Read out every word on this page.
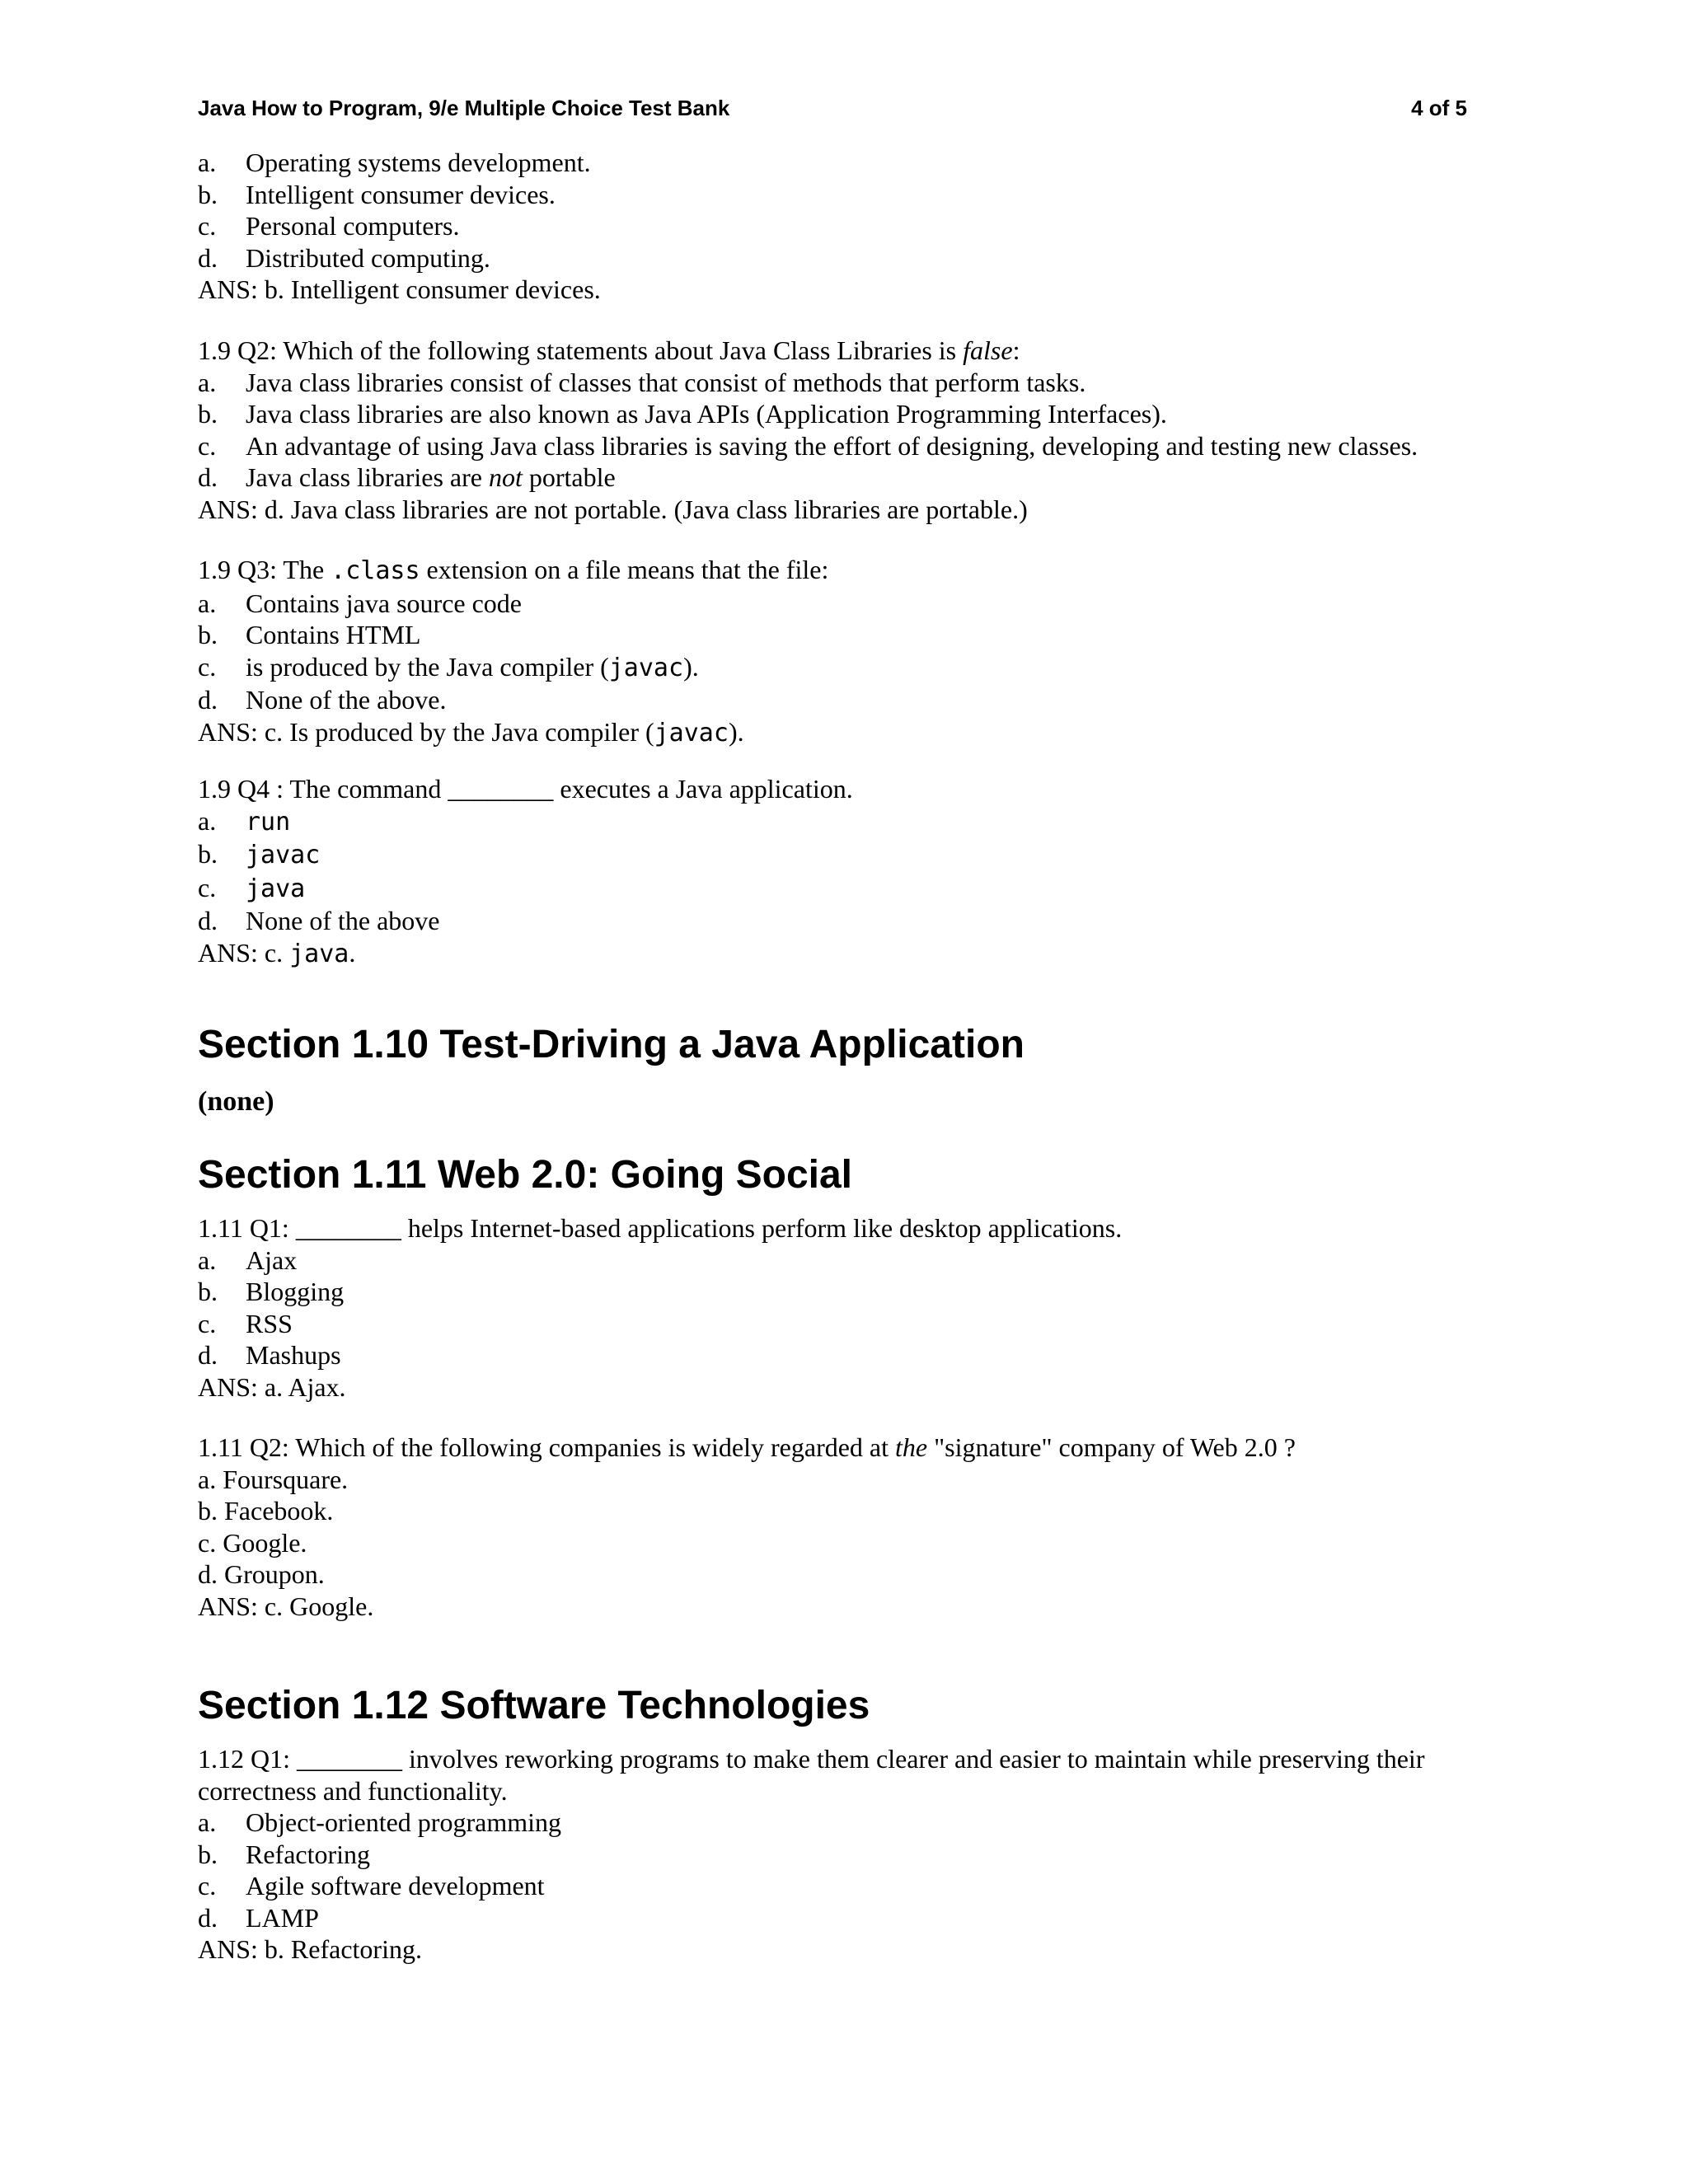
Java How to Program, 9/e Multiple Choice Test Bank	4 of 5
a. Operating systems development.
b. Intelligent consumer devices.
c. Personal computers.
d. Distributed computing.
ANS: b. Intelligent consumer devices.
1.9 Q2: Which of the following statements about Java Class Libraries is false:
a. Java class libraries consist of classes that consist of methods that perform tasks.
b. Java class libraries are also known as Java APIs (Application Programming Interfaces).
c. An advantage of using Java class libraries is saving the effort of designing, developing and testing new classes.
d. Java class libraries are not portable
ANS: d. Java class libraries are not portable. (Java class libraries are portable.)
1.9 Q3: The .class extension on a file means that the file:
a. Contains java source code
b. Contains HTML
c. is produced by the Java compiler (javac).
d. None of the above.
ANS: c. Is produced by the Java compiler (javac).
1.9 Q4 : The command ________ executes a Java application.
a. run
b. javac
c. java
d. None of the above
ANS: c. java.
Section 1.10 Test-Driving a Java Application
(none)
Section 1.11 Web 2.0: Going Social
1.11 Q1: ________ helps Internet-based applications perform like desktop applications.
a. Ajax
b. Blogging
c. RSS
d. Mashups
ANS: a. Ajax.
1.11 Q2: Which of the following companies is widely regarded at the "signature" company of Web 2.0 ?
a. Foursquare.
b. Facebook.
c. Google.
d. Groupon.
ANS: c. Google.
Section 1.12 Software Technologies
1.12 Q1: ________ involves reworking programs to make them clearer and easier to maintain while preserving their
correctness and functionality.
a. Object-oriented programming
b. Refactoring
c. Agile software development
d. LAMP
ANS: b. Refactoring.
